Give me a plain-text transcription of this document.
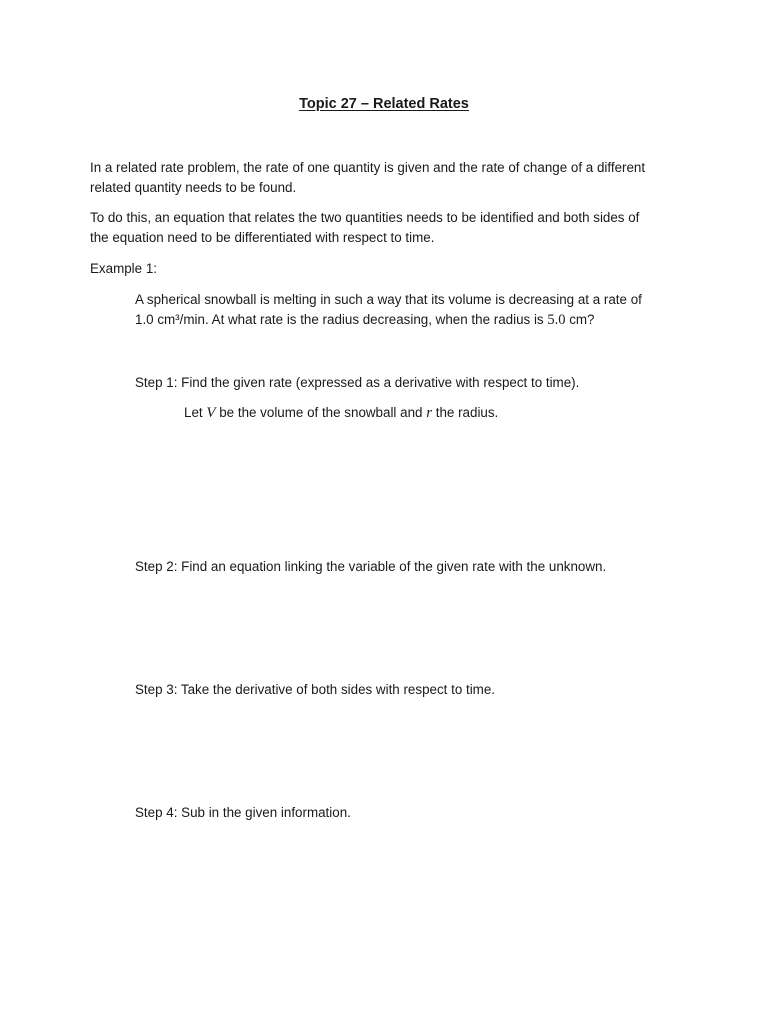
Topic 27 – Related Rates
In a related rate problem, the rate of one quantity is given and the rate of change of a different
related quantity needs to be found.
To do this, an equation that relates the two quantities needs to be identified and both sides of
the equation need to be differentiated with respect to time.
Example 1:
A spherical snowball is melting in such a way that its volume is decreasing at a rate of
1.0 cm³/min. At what rate is the radius decreasing, when the radius is 5.0 cm?
Step 1: Find the given rate (expressed as a derivative with respect to time).
Let V be the volume of the snowball and r the radius.
Step 2: Find an equation linking the variable of the given rate with the unknown.
Step 3: Take the derivative of both sides with respect to time.
Step 4: Sub in the given information.
